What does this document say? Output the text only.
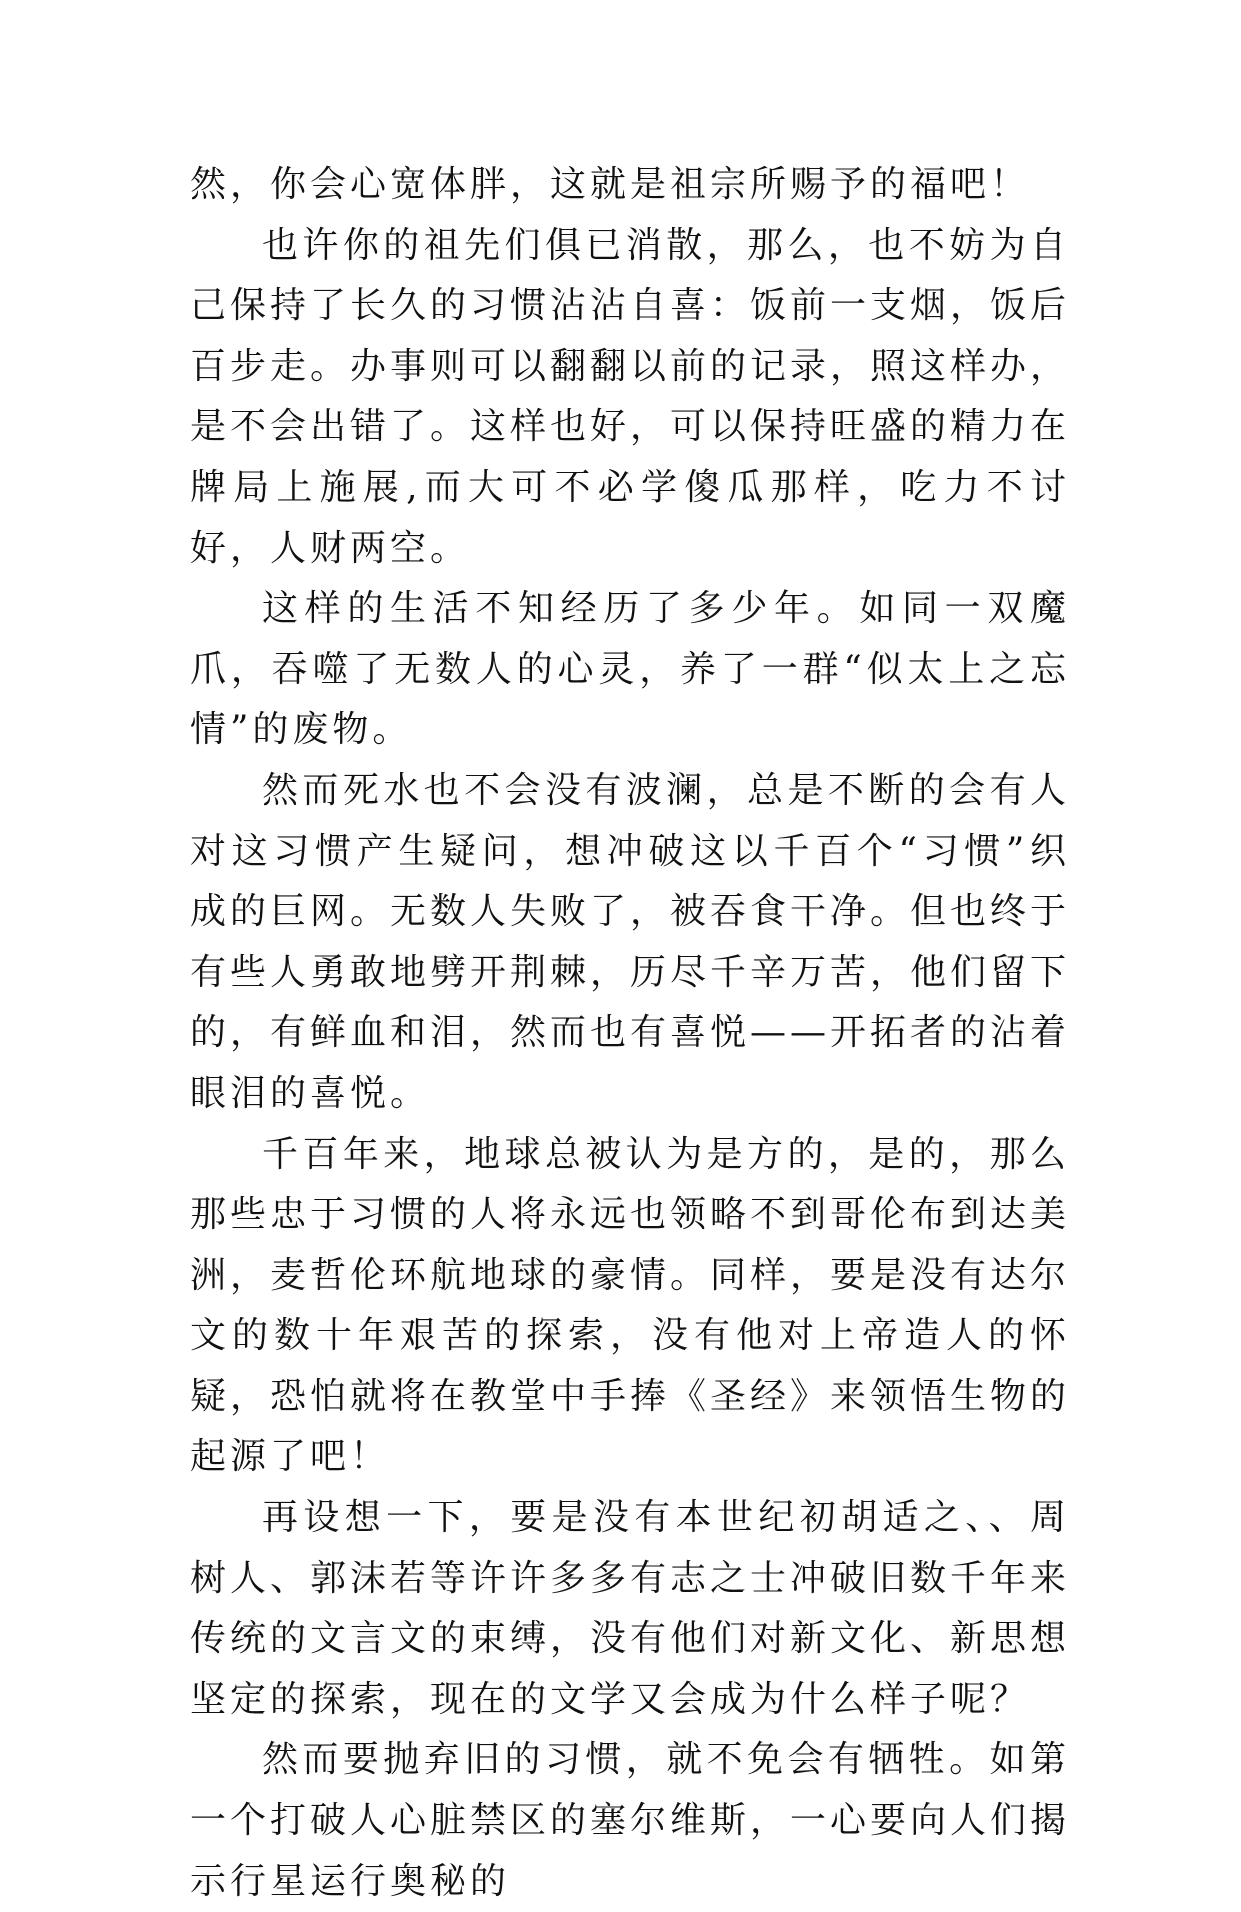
然，你会心宽体胖，这就是祖宗所赐予的福吧！

也许你的祖先们俱已消散，那么，也不妨为自己保持了长久的习惯沾沾自喜：饭前一支烟，饭后百步走。办事则可以翻翻以前的记录，照这样办，是不会出错了。这样也好，可以保持旺盛的精力在牌局上施展,而大可不必学傻瓜那样，吃力不讨好，人财两空。

这样的生活不知经历了多少年。如同一双魔爪，吞噬了无数人的心灵，养了一群“似太上之忘情”的废物。

然而死水也不会没有波澜，总是不断的会有人对这习惯产生疑问，想冲破这以千百个“习惯”织成的巨网。无数人失败了，被吞食干净。但也终于有些人勇敢地劈开荆棘，历尽千辛万苦，他们留下的，有鲜血和泪，然而也有喜悦——开拓者的沾着眼泪的喜悦。

千百年来，地球总被认为是方的，是的，那么那些忠于习惯的人将永远也领略不到哥伦布到达美洲，麦哲伦环航地球的豪情。同样，要是没有达尔文的数十年艰苦的探索，没有他对上帝造人的怀疑，恐怕就将在教堂中手捧《圣经》来领悟生物的起源了吧！

再设想一下，要是没有本世纪初胡适之、、周树人、郭沫若等许许多多有志之士冲破旧数千年来传统的文言文的束缚，没有他们对新文化、新思想坚定的探索，现在的文学又会成为什么样子呢？

然而要抛弃旧的习惯，就不免会有牺牲。如第一个打破人心脏禁区的塞尔维斯，一心要向人们揭示行星运行奥秘的
